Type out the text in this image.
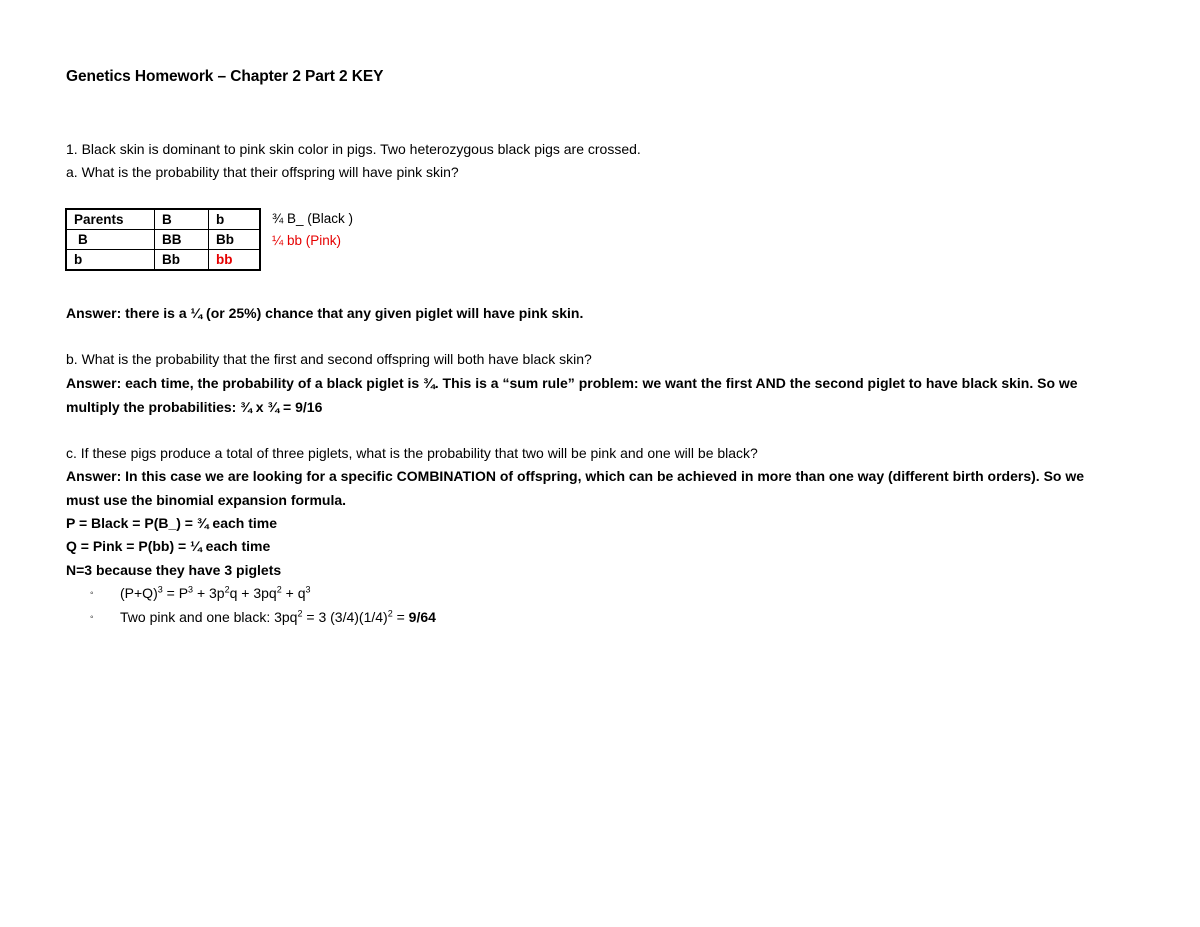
Genetics Homework – Chapter 2 Part 2 KEY
1. Black skin is dominant to pink skin color in pigs. Two heterozygous black pigs are crossed.
a. What is the probability that their offspring will have pink skin?
Parents	B	b
B	BB	Bb
b	Bb	bb
¾ B_ (Black )
¼ bb (Pink)
Answer: there is a ¼ (or 25%) chance that any given piglet will have pink skin.
b. What is the probability that the first and second offspring will both have black skin?
Answer: each time, the probability of a black piglet is ¾. This is a “sum rule” problem: we want the first AND the second piglet to have black skin. So we
multiply the probabilities: ¾ x ¾ = 9/16
c. If these pigs produce a total of three piglets, what is the probability that two will be pink and one will be black?
Answer: In this case we are looking for a specific COMBINATION of offspring, which can be achieved in more than one way (different birth orders). So we
must use the binomial expansion formula.
P = Black = P(B_) = ¾ each time
Q = Pink = P(bb) = ¼ each time
N=3 because they have 3 piglets
◦ $(P+Q)^3 = P^3 + 3p^2q + 3pq^2 + q^3$
◦ Two pink and one black: $3pq^2 = 3$ $(3/4)(1/4)^2 = 9/64$
